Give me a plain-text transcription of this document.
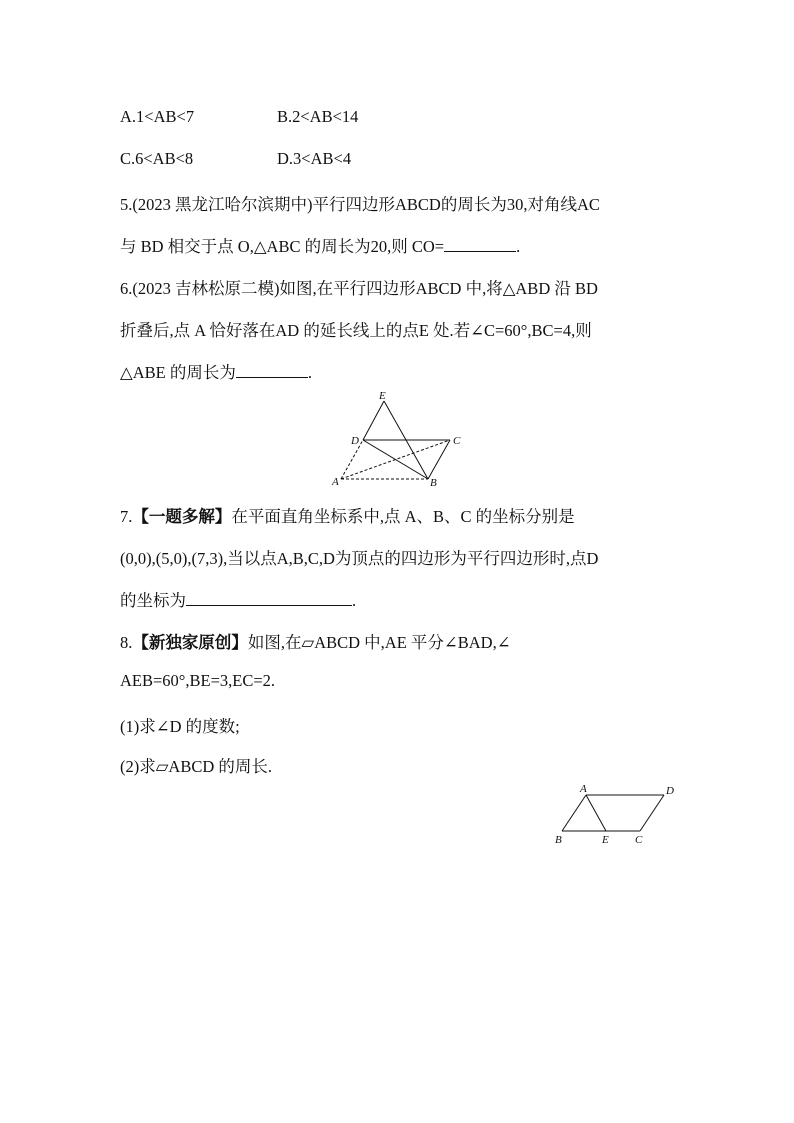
A.1<AB<7	B.2<AB<14
C.6<AB<8	D.3<AB<4
5.(2023 黑龙江哈尔滨期中)平行四边形ABCD的周长为30,对角线AC
与 BD 相交于点 O,△ABC 的周长为20,则 CO=	.
6.(2023 吉林松原二模)如图,在平行四边形ABCD 中,将△ABD 沿 BD
折叠后,点 A 恰好落在AD 的延长线上的点E 处.若∠C=60°,BC=4,则
△ABE 的周长为	.
E
D	C
A	B
7.【一题多解】在平面直角坐标系中,点 A、B、C 的坐标分别是
(0,0),(5,0),(7,3),当以点A,B,C,D为顶点的四边形为平行四边形时,点D
的坐标为	.
8.【新独家原创】如图,在▱ABCD 中,AE 平分∠BAD,∠
AEB=60°,BE=3,EC=2.
(1)求∠D 的度数;
(2)求▱ABCD 的周长.
A	D
B	E C
